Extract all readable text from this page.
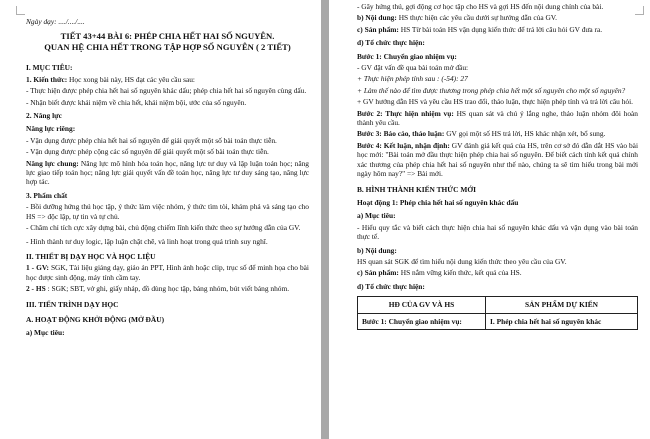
Ngày dạy: ..../..../....
TIẾT 43+44 BÀI 6: PHÉP CHIA HẾT HAI SỐ NGUYÊN.
QUAN HỆ CHIA HẾT TRONG TẬP HỢP SỐ NGUYÊN ( 2 TIẾT)
I. MỤC TIÊU:
1. Kiến thức: Học xong bài này, HS đạt các yêu cầu sau:
- Thực hiện được phép chia hết hai số nguyên khác dấu; phép chia hết hai số nguyên cùng dấu.
- Nhận biết được khái niệm về chia hết, khái niệm bội, ước của số nguyên.
2. Năng lực
Năng lực riêng:
- Vận dụng được phép chia hết hai số nguyên để giải quyết một số bài toán thực tiễn.
- Vận dụng được phép cộng các số nguyên để giải quyết một số bài toán thực tiễn.
Năng lực chung: Năng lực mô hình hóa toán học, năng lực tư duy và lập luận toán học; năng lực giao tiếp toán học; năng lực giải quyết vấn đề toán học, năng lực tư duy sáng tạo, năng lực hợp tác.
3. Phẩm chất
- Bồi dưỡng hứng thú học tập, ý thức làm việc nhóm, ý thức tìm tòi, khám phá và sáng tạo cho HS => độc lập, tự tin và tự chủ.
- Chăm chỉ tích cực xây dựng bài, chủ động chiếm lĩnh kiến thức theo sự hướng dẫn của GV.
- Hình thành tư duy logic, lập luận chặt chẽ, và linh hoạt trong quá trình suy nghĩ.
II. THIẾT BỊ DẠY HỌC VÀ HỌC LIỆU
1 - GV: SGK, Tài liệu giảng dạy, giáo án PPT, Hình ảnh hoặc clip, trục số để minh họa cho bài học được sinh động, máy tính cầm tay.
2 - HS : SGK; SBT, vở ghi, giấy nháp, đồ dùng học tập, bảng nhóm, bút viết bảng nhóm.
III. TIẾN TRÌNH DẠY HỌC
A. HOẠT ĐỘNG KHỞI ĐỘNG (MỞ ĐẦU)
a) Mục tiêu:
- Gây hứng thú, gợi động cơ học tập cho HS và gợi HS đến nội dung chính của bài.
b) Nội dung: HS thực hiện các yêu cầu dưới sự hướng dẫn của GV.
c) Sản phẩm: HS Từ bài toán HS vận dụng kiến thức để trả lời câu hỏi GV đưa ra.
d) Tổ chức thực hiện:
Bước 1: Chuyển giao nhiệm vụ:
- GV đặt vấn đề qua bài toán mở đầu:
+ Thực hiện phép tính sau : (-54): 27
+ Làm thế nào để tìm được thương trong phép chia hết một số nguyên cho một số nguyên?
+ GV hướng dẫn HS và yêu cầu HS trao đổi, thảo luận, thực hiện phép tính và trả lời câu hỏi.
Bước 2: Thực hiện nhiệm vụ: HS quan sát và chú ý lắng nghe, thảo luận nhóm đôi hoàn thành yêu cầu.
Bước 3: Báo cáo, thảo luận: GV gọi một số HS trả lời, HS khác nhận xét, bổ sung.
Bước 4: Kết luận, nhận định: GV đánh giá kết quả của HS, trên cơ sở đó dẫn dắt HS vào bài học mới: "Bài toán mở đầu thực hiện phép chia hai số nguyên. Để biết cách tính kết quả chính xác thương của phép chia hết hai số nguyên như thế nào, chúng ta sẽ tìm hiểu trong bài mới ngày hôm nay?" => Bài mới.
B. HÌNH THÀNH KIẾN THỨC MỚI
Hoạt động 1: Phép chia hết hai số nguyên khác dấu
a) Mục tiêu:
- Hiểu quy tắc và biết cách thực hiện chia hai số nguyên khác dấu và vận dụng vào bài toán thực tế.
b) Nội dung:
HS quan sát SGK để tìm hiểu nội dung kiến thức theo yêu cầu của GV.
c) Sản phẩm: HS nắm vững kiến thức, kết quả của HS.
d) Tổ chức thực hiện:
HĐ CỦA GV VÀ HS	SẢN PHẨM DỰ KIẾN
Bước 1: Chuyển giao nhiệm vụ:	I. Phép chia hết hai số nguyên khác
